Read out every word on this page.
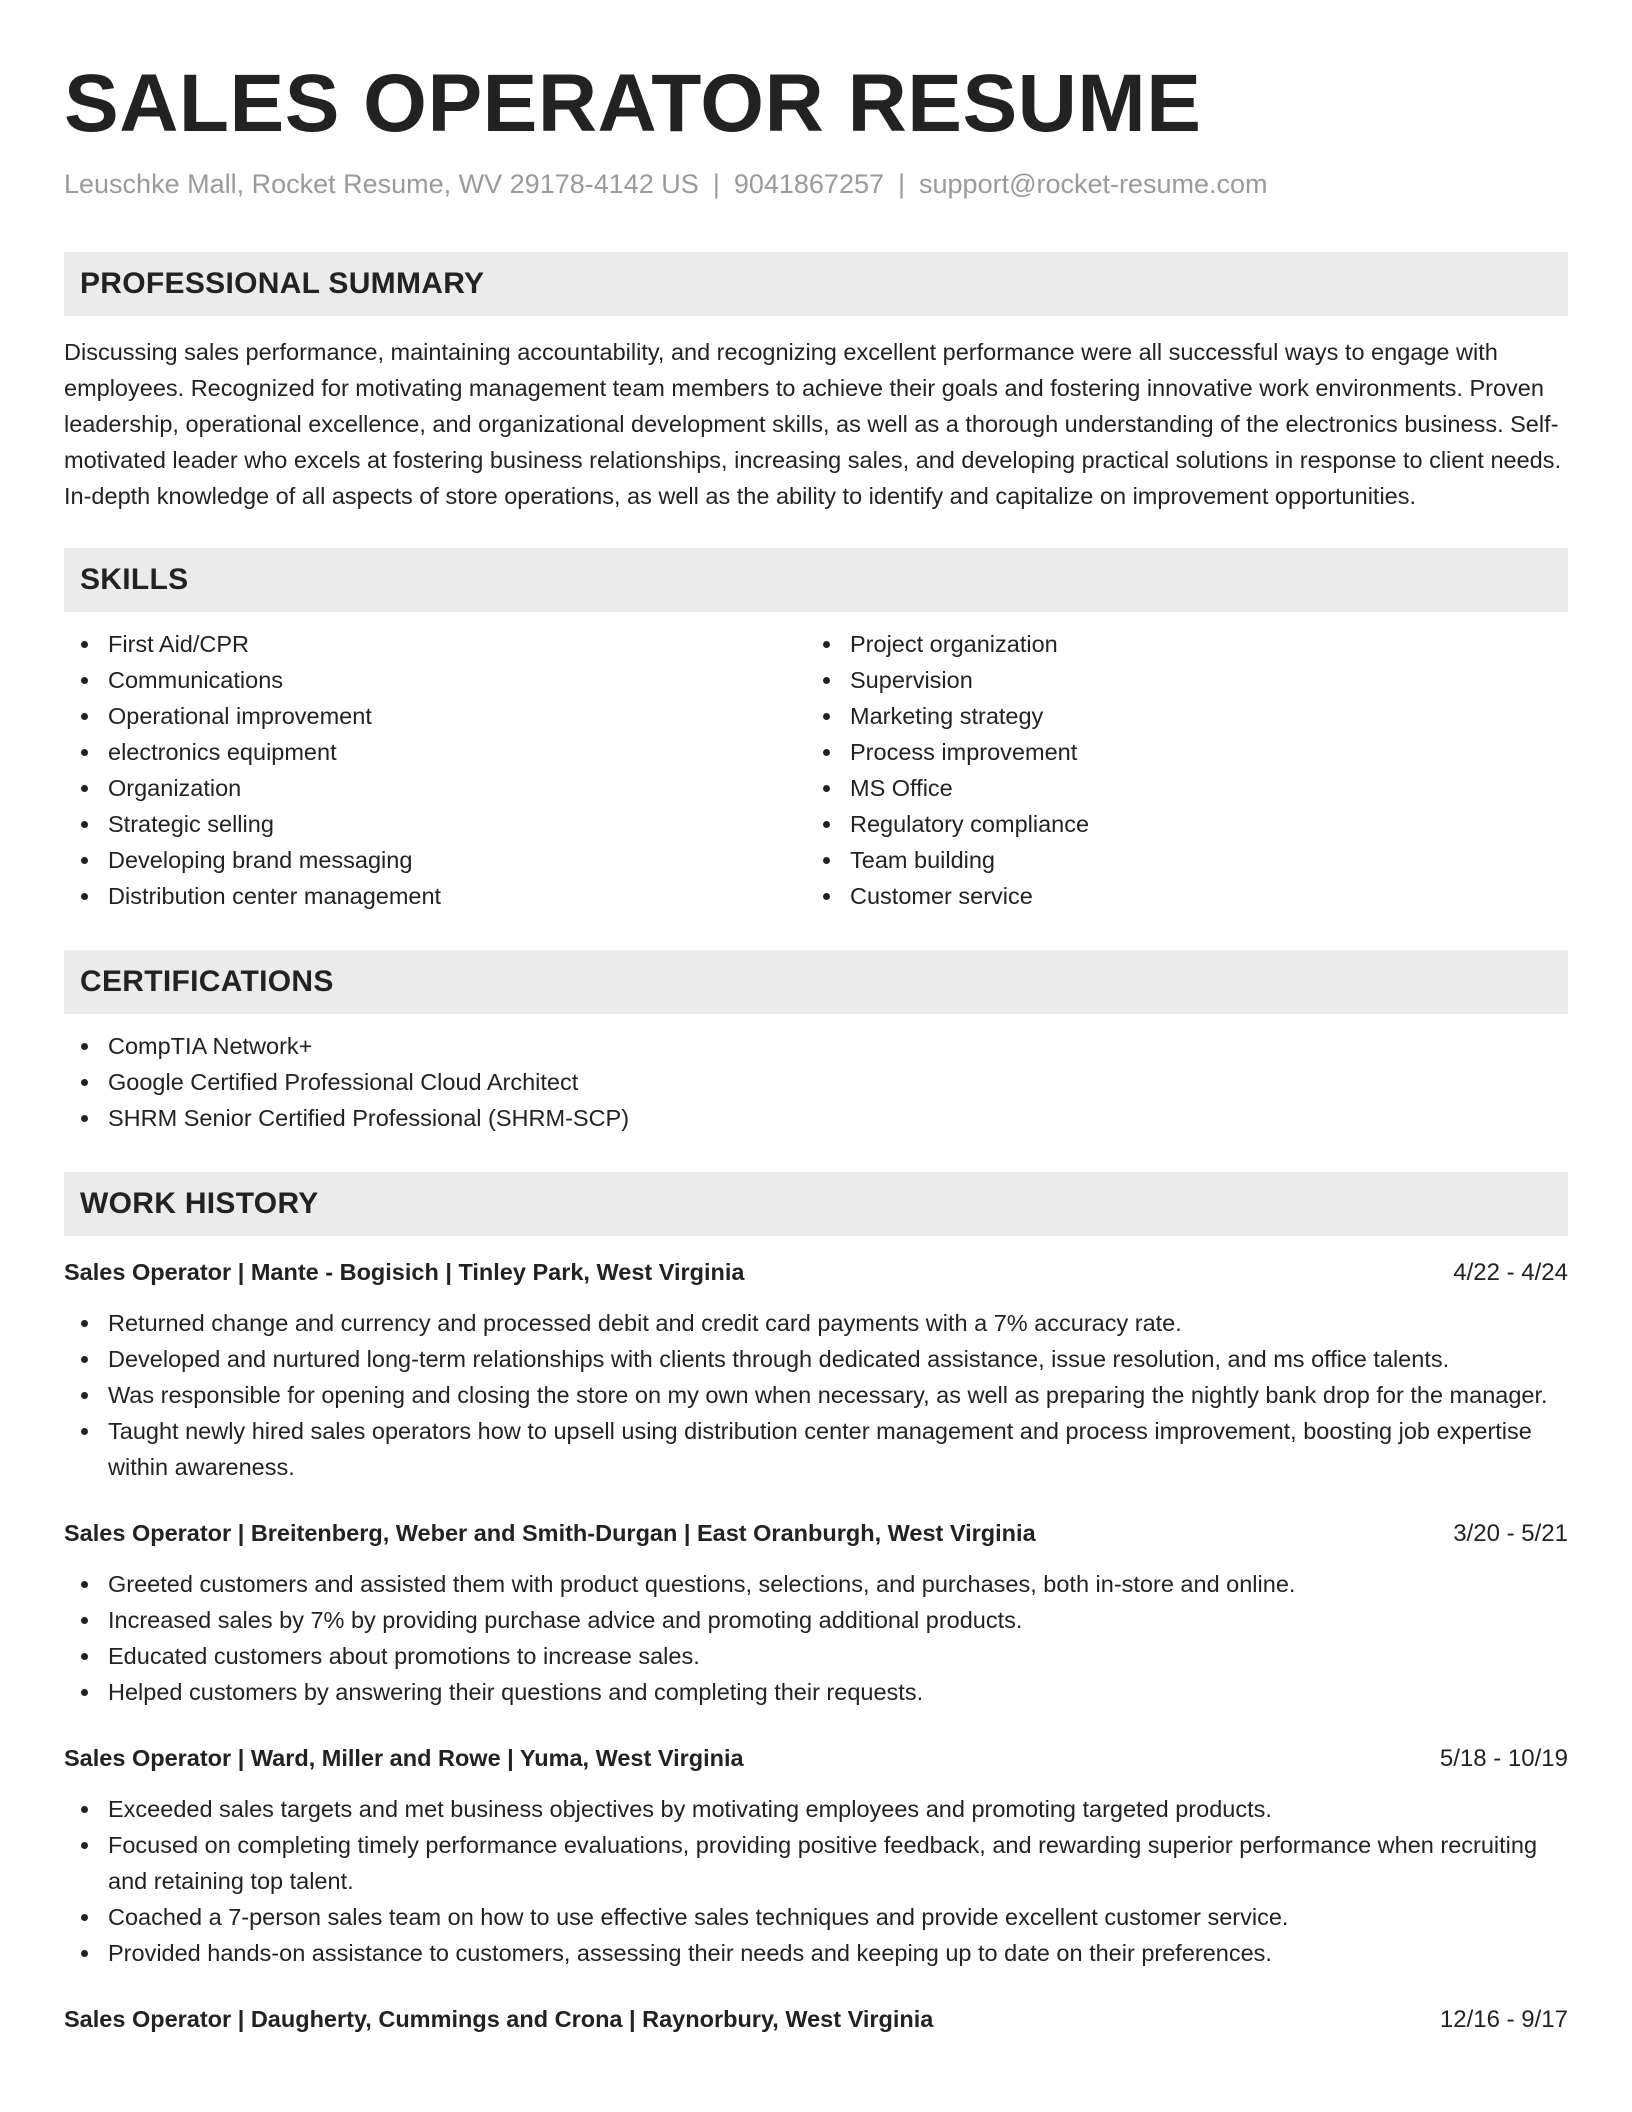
SALES OPERATOR RESUME
Leuschke Mall, Rocket Resume, WV 29178-4142 US | 9041867257 | support@rocket-resume.com
PROFESSIONAL SUMMARY

Discussing sales performance, maintaining accountability, and recognizing excellent performance were all successful ways to engage with employees. Recognized for motivating management team members to achieve their goals and fostering innovative work environments. Proven leadership, operational excellence, and organizational development skills, as well as a thorough understanding of the electronics business. Self-motivated leader who excels at fostering business relationships, increasing sales, and developing practical solutions in response to client needs. In-depth knowledge of all aspects of store operations, as well as the ability to identify and capitalize on improvement opportunities.

SKILLS
First Aid/CPR
Communications
Operational improvement
electronics equipment
Organization
Strategic selling
Developing brand messaging
Distribution center management
Project organization
Supervision
Marketing strategy
Process improvement
MS Office
Regulatory compliance
Team building
Customer service
CERTIFICATIONS
CompTIA Network+
Google Certified Professional Cloud Architect
SHRM Senior Certified Professional (SHRM-SCP)
WORK HISTORY
Sales Operator | Mante - Bogisich | Tinley Park, West Virginia	4/22 - 4/24
Returned change and currency and processed debit and credit card payments with a 7% accuracy rate.
Developed and nurtured long-term relationships with clients through dedicated assistance, issue resolution, and ms office talents.
Was responsible for opening and closing the store on my own when necessary, as well as preparing the nightly bank drop for the manager.
Taught newly hired sales operators how to upsell using distribution center management and process improvement, boosting job expertise within awareness.
Sales Operator | Breitenberg, Weber and Smith-Durgan | East Oranburgh, West Virginia	3/20 - 5/21
Greeted customers and assisted them with product questions, selections, and purchases, both in-store and online.
Increased sales by 7% by providing purchase advice and promoting additional products.
Educated customers about promotions to increase sales.
Helped customers by answering their questions and completing their requests.
Sales Operator | Ward, Miller and Rowe | Yuma, West Virginia	5/18 - 10/19
Exceeded sales targets and met business objectives by motivating employees and promoting targeted products.
Focused on completing timely performance evaluations, providing positive feedback, and rewarding superior performance when recruiting and retaining top talent.
Coached a 7-person sales team on how to use effective sales techniques and provide excellent customer service.
Provided hands-on assistance to customers, assessing their needs and keeping up to date on their preferences.
Sales Operator | Daugherty, Cummings and Crona | Raynorbury, West Virginia	12/16 - 9/17
